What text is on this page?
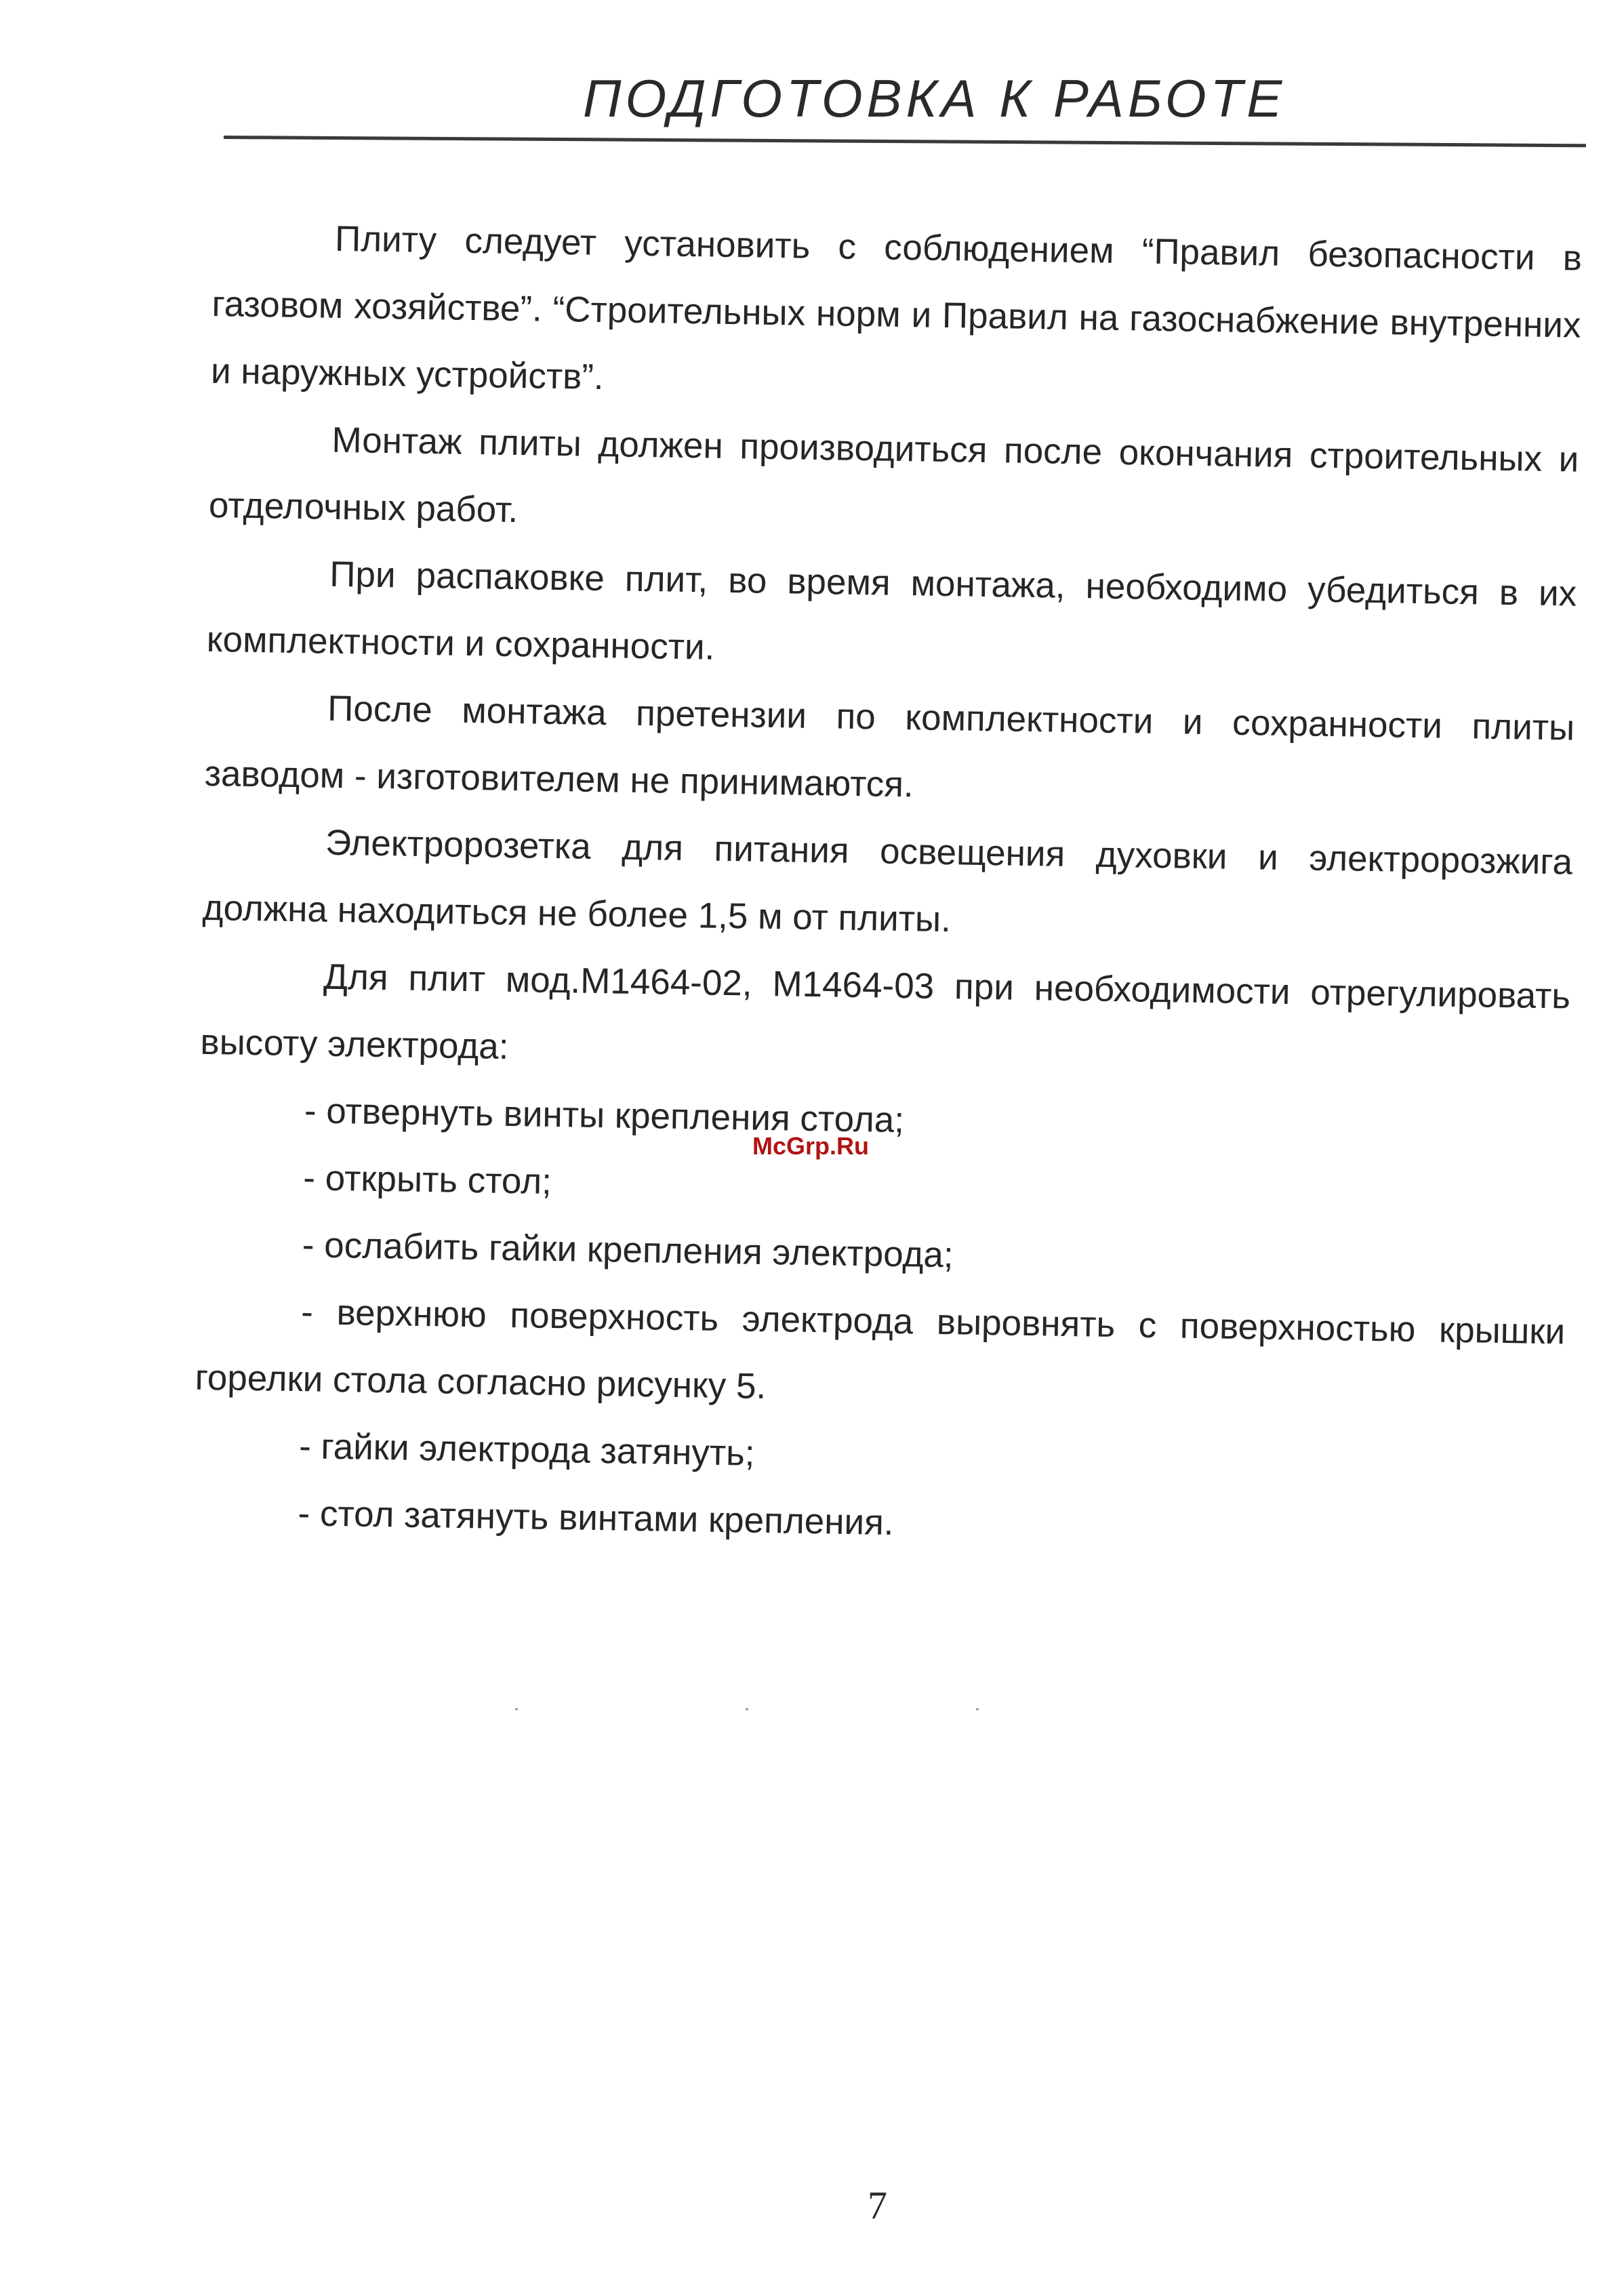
ПОДГОТОВКА К РАБОТЕ

Плиту следует установить с соблюдением “Правил безопасности в газовом хозяйстве”. “Строительных норм и Правил на газоснабжение внутренних и наружных устройств”.

Монтаж плиты должен производиться после окончания строительных и отделочных работ.

При распаковке плит, во время монтажа, необходимо убедиться в их комплектности и сохранности.

После монтажа претензии по комплектности и сохранности плиты заводом - изготовителем не принимаются.

Электророзетка для питания освещения духовки и электророзжига должна находиться не более 1,5 м от плиты.

Для плит мод.М1464-02, М1464-03 при необходимости отрегулировать высоту электрода:

- отвернуть винты крепления стола;

- открыть стол;

- ослабить гайки крепления электрода;

- верхнюю поверхность электрода выровнять с поверхностью крышки горелки стола согласно рисунку 5.

- гайки электрода затянуть;

- стол затянуть винтами крепления.

McGrp.Ru
7
